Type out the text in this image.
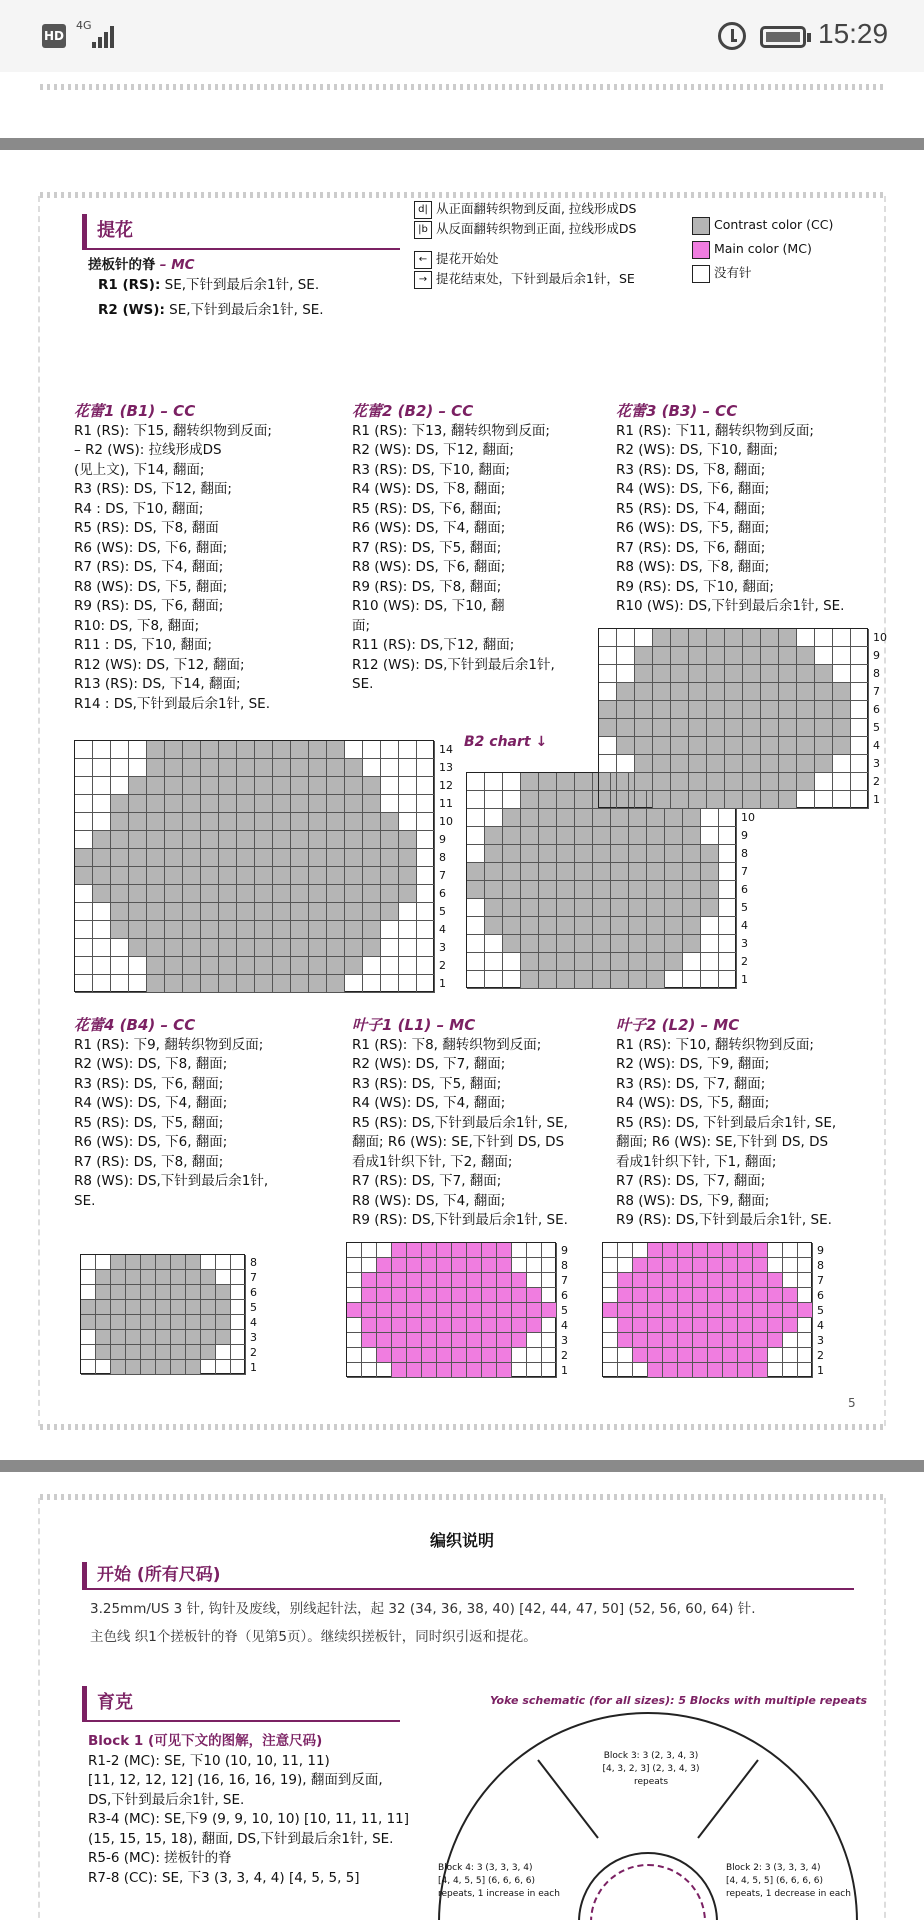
HD
4G	15:29
提花
搓板针的脊 – MC
R1 (RS): SE,下针到最后余1针, SE.
R2 (WS): SE,下针到最后余1针, SE.
d| 从正面翻转织物到反面, 拉线形成DS
|b 从反面翻转织物到正面, 拉线形成DS
← 提花开始处
→ 提花结束处，下针到最后余1针，SE
Contrast color (CC)
Main color (MC)
没有针
花蕾1 (B1) – CC
R1 (RS): 下15, 翻转织物到反面;
– R2 (WS): 拉线形成DS
(见上文), 下14, 翻面;
R3 (RS): DS, 下12, 翻面;
R4 : DS, 下10, 翻面;
R5 (RS): DS, 下8, 翻面
R6 (WS): DS, 下6, 翻面;
R7 (RS): DS, 下4, 翻面;
R8 (WS): DS, 下5, 翻面;
R9 (RS): DS, 下6, 翻面;
R10: DS, 下8, 翻面;
R11 : DS, 下10, 翻面;
R12 (WS): DS, 下12, 翻面;
R13 (RS): DS, 下14, 翻面;
R14 : DS,下针到最后余1针, SE.
花蕾2 (B2) – CC
R1 (RS): 下13, 翻转织物到反面;
R2 (WS): DS, 下12, 翻面;
R3 (RS): DS, 下10, 翻面;
R4 (WS): DS, 下8, 翻面;
R5 (RS): DS, 下6, 翻面;
R6 (WS): DS, 下4, 翻面;
R7 (RS): DS, 下5, 翻面;
R8 (WS): DS, 下6, 翻面;
R9 (RS): DS, 下8, 翻面;
R10 (WS): DS, 下10, 翻
面;
R11 (RS): DS,下12, 翻面;
R12 (WS): DS,下针到最后余1针,
SE.
花蕾3 (B3) – CC
R1 (RS): 下11, 翻转织物到反面;
R2 (WS): DS, 下10, 翻面;
R3 (RS): DS, 下8, 翻面;
R4 (WS): DS, 下6, 翻面;
R5 (RS): DS, 下4, 翻面;
R6 (WS): DS, 下5, 翻面;
R7 (RS): DS, 下6, 翻面;
R8 (WS): DS, 下8, 翻面;
R9 (RS): DS, 下10, 翻面;
R10 (WS): DS,下针到最后余1针, SE.
B2 chart ↓
14
13
12
11
10
9
8
7
6
5
4
3
2
1
10
9
8
7
6
5
4
3
2
1
10
9
8
7
6
5
4
3
2
1
花蕾4 (B4) – CC
R1 (RS): 下9, 翻转织物到反面;
R2 (WS): DS, 下8, 翻面;
R3 (RS): DS, 下6, 翻面;
R4 (WS): DS, 下4, 翻面;
R5 (RS): DS, 下5, 翻面;
R6 (WS): DS, 下6, 翻面;
R7 (RS): DS, 下8, 翻面;
R8 (WS): DS,下针到最后余1针,
SE.
叶子1 (L1) – MC
R1 (RS): 下8, 翻转织物到反面;
R2 (WS): DS, 下7, 翻面;
R3 (RS): DS, 下5, 翻面;
R4 (WS): DS, 下4, 翻面;
R5 (RS): DS,下针到最后余1针, SE,
翻面; R6 (WS): SE,下针到 DS, DS
看成1针织下针, 下2, 翻面;
R7 (RS): DS, 下7, 翻面;
R8 (WS): DS, 下4, 翻面;
R9 (RS): DS,下针到最后余1针, SE.
叶子2 (L2) – MC
R1 (RS): 下10, 翻转织物到反面;
R2 (WS): DS, 下9, 翻面;
R3 (RS): DS, 下7, 翻面;
R4 (WS): DS, 下5, 翻面;
R5 (RS): DS, 下针到最后余1针, SE,
翻面; R6 (WS): SE,下针到 DS, DS
看成1针织下针, 下1, 翻面;
R7 (RS): DS, 下7, 翻面;
R8 (WS): DS, 下9, 翻面;
R9 (RS): DS,下针到最后余1针, SE.
8
7
6
5
4
3
2
1
9
8
7
6
5
4
3
2
1
9
8
7
6
5
4
3
2
1
5
编织说明
开始 (所有尺码)
3.25mm/US 3 针, 钩针及废线，别线起针法，起 32 (34, 36, 38, 40) [42, 44, 47, 50] (52, 56, 60, 64) 针.
主色线 织1个搓板针的脊（见第5页）。继续织搓板针，同时织引返和提花。
育克	Yoke schematic (for all sizes): 5 Blocks with multiple repeats
Block 1 (可见下文的图解，注意尺码)
R1-2 (MC): SE, 下10 (10, 10, 11, 11)
[11, 12, 12, 12] (16, 16, 16, 19), 翻面到反面,
DS,下针到最后余1针, SE.
R3-4 (MC): SE,下9 (9, 9, 10, 10) [10, 11, 11, 11]
(15, 15, 15, 18), 翻面, DS,下针到最后余1针, SE.
R5-6 (MC): 搓板针的脊
R7-8 (CC): SE, 下3 (3, 3, 4, 4) [4, 5, 5, 5]
Block 3: 3 (2, 3, 4, 3)
[4, 3, 2, 3] (2, 3, 4, 3)
repeats
Block 4: 3 (3, 3, 3, 4)
[4, 4, 5, 5] (6, 6, 6, 6)
repeats, 1 increase in each
Block 2: 3 (3, 3, 3, 4)
[4, 4, 5, 5] (6, 6, 6, 6)
repeats, 1 decrease in each
